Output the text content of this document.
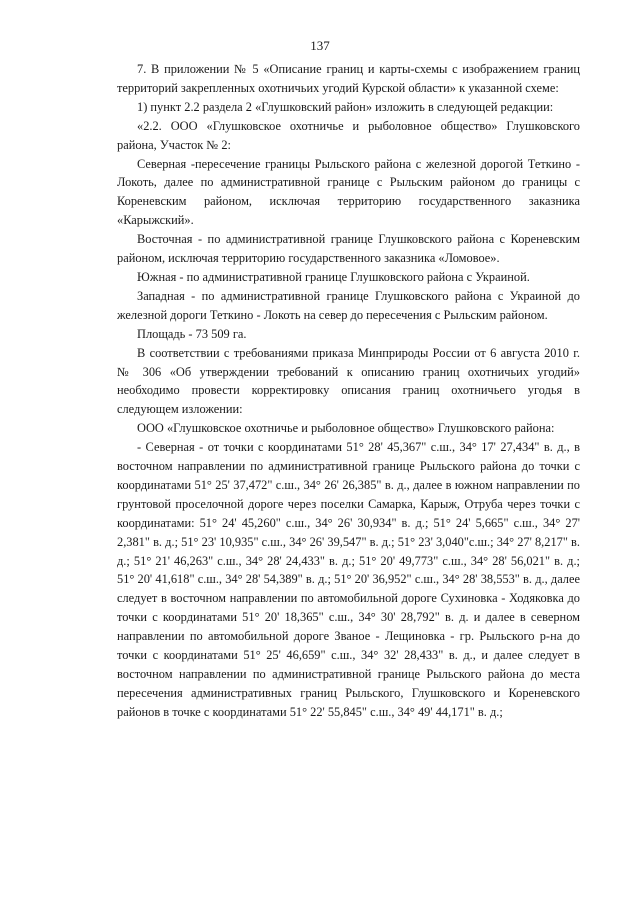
137

7. В приложении № 5 «Описание границ и карты-схемы с изображением границ территорий закрепленных охотничьих угодий Курской области» к указанной схеме:

1) пункт 2.2 раздела 2 «Глушковский район» изложить в следующей редакции:

«2.2. ООО «Глушковское охотничье и рыболовное общество» Глушковского района, Участок № 2:

Северная -пересечение границы Рыльского района с железной дорогой Теткино - Локоть, далее по административной границе с Рыльским районом до границы с Кореневским районом, исключая территорию государственного заказника «Карыжский».

Восточная - по административной границе Глушковского района с Кореневским районом, исключая территорию государственного заказника «Ломовое».

Южная - по административной границе Глушковского района с Украиной.

Западная - по административной границе Глушковского района с Украиной до железной дороги Теткино - Локоть на север до пересечения с Рыльским районом.

Площадь - 73 509 га.

В соответствии с требованиями приказа Минприроды России от 6 августа 2010 г. № 306 «Об утверждении требований к описанию границ охотничьих угодий» необходимо провести корректировку описания границ охотничьего угодья в следующем изложении:

ООО «Глушковское охотничье и рыболовное общество» Глушковского района:

- Северная - от точки с координатами 51° 28' 45,367" с.ш., 34° 17' 27,434" в. д., в восточном направлении по административной границе Рыльского района до точки с координатами 51° 25' 37,472" с.ш., 34° 26' 26,385" в. д., далее в южном направлении по грунтовой проселочной дороге через поселки Самарка, Карыж, Отруба через точки с координатами: 51° 24' 45,260" с.ш., 34° 26' 30,934" в. д.; 51° 24' 5,665" с.ш., 34° 27' 2,381" в. д.; 51° 23' 10,935" с.ш., 34° 26' 39,547" в. д.; 51° 23' 3,040"с.ш.; 34° 27' 8,217" в. д.; 51° 21' 46,263" с.ш., 34° 28' 24,433" в. д.; 51° 20' 49,773" с.ш., 34° 28' 56,021" в. д.; 51° 20' 41,618" с.ш., 34° 28' 54,389" в. д.; 51° 20' 36,952" с.ш., 34° 28' 38,553" в. д., далее следует в восточном направлении по автомобильной дороге Сухиновка - Ходяковка до точки с координатами 51° 20' 18,365" с.ш., 34° 30' 28,792" в. д. и далее в северном направлении по автомобильной дороге Званое - Лещиновка - гр. Рыльского р-на до точки с координатами 51° 25' 46,659" с.ш., 34° 32' 28,433" в. д., и далее следует в восточном направлении по административной границе Рыльского района до места пересечения административных границ Рыльского, Глушковского и Кореневского районов в точке с координатами 51° 22' 55,845" с.ш., 34° 49' 44,171" в. д.;
